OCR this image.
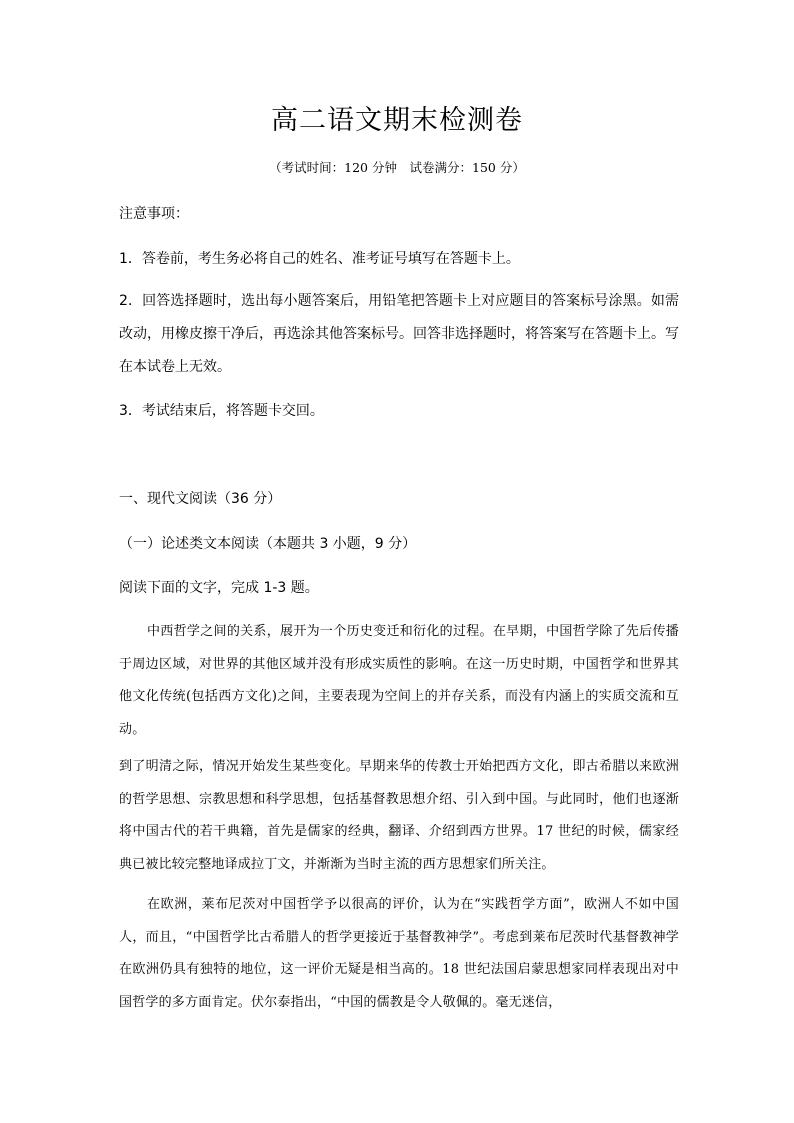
高二语文期末检测卷
（考试时间：120 分钟　试卷满分：150 分）
注意事项：
1．答卷前，考生务必将自己的姓名、准考证号填写在答题卡上。
2．回答选择题时，选出每小题答案后，用铅笔把答题卡上对应题目的答案标号涂黑。如需改动，用橡皮擦干净后，再选涂其他答案标号。回答非选择题时，将答案写在答题卡上。写在本试卷上无效。
3．考试结束后，将答题卡交回。
一、现代文阅读（36 分）
（一）论述类文本阅读（本题共 3 小题，9 分）
阅读下面的文字，完成 1-3 题。
中西哲学之间的关系，展开为一个历史变迁和衍化的过程。在早期，中国哲学除了先后传播于周边区域，对世界的其他区域并没有形成实质性的影响。在这一历史时期，中国哲学和世界其他文化传统(包括西方文化)之间，主要表现为空间上的并存关系，而没有内涵上的实质交流和互动。
到了明清之际，情况开始发生某些变化。早期来华的传教士开始把西方文化，即古希腊以来欧洲的哲学思想、宗教思想和科学思想，包括基督教思想介绍、引入到中国。与此同时，他们也逐渐将中国古代的若干典籍，首先是儒家的经典，翻译、介绍到西方世界。17 世纪的时候，儒家经典已被比较完整地译成拉丁文，并渐渐为当时主流的西方思想家们所关注。
在欧洲，莱布尼茨对中国哲学予以很高的评价，认为在“实践哲学方面”，欧洲人不如中国人，而且，“中国哲学比古希腊人的哲学更接近于基督教神学”。考虑到莱布尼茨时代基督教神学在欧洲仍具有独特的地位，这一评价无疑是相当高的。18 世纪法国启蒙思想家同样表现出对中国哲学的多方面肯定。伏尔泰指出，“中国的儒教是令人敬佩的。毫无迷信，
